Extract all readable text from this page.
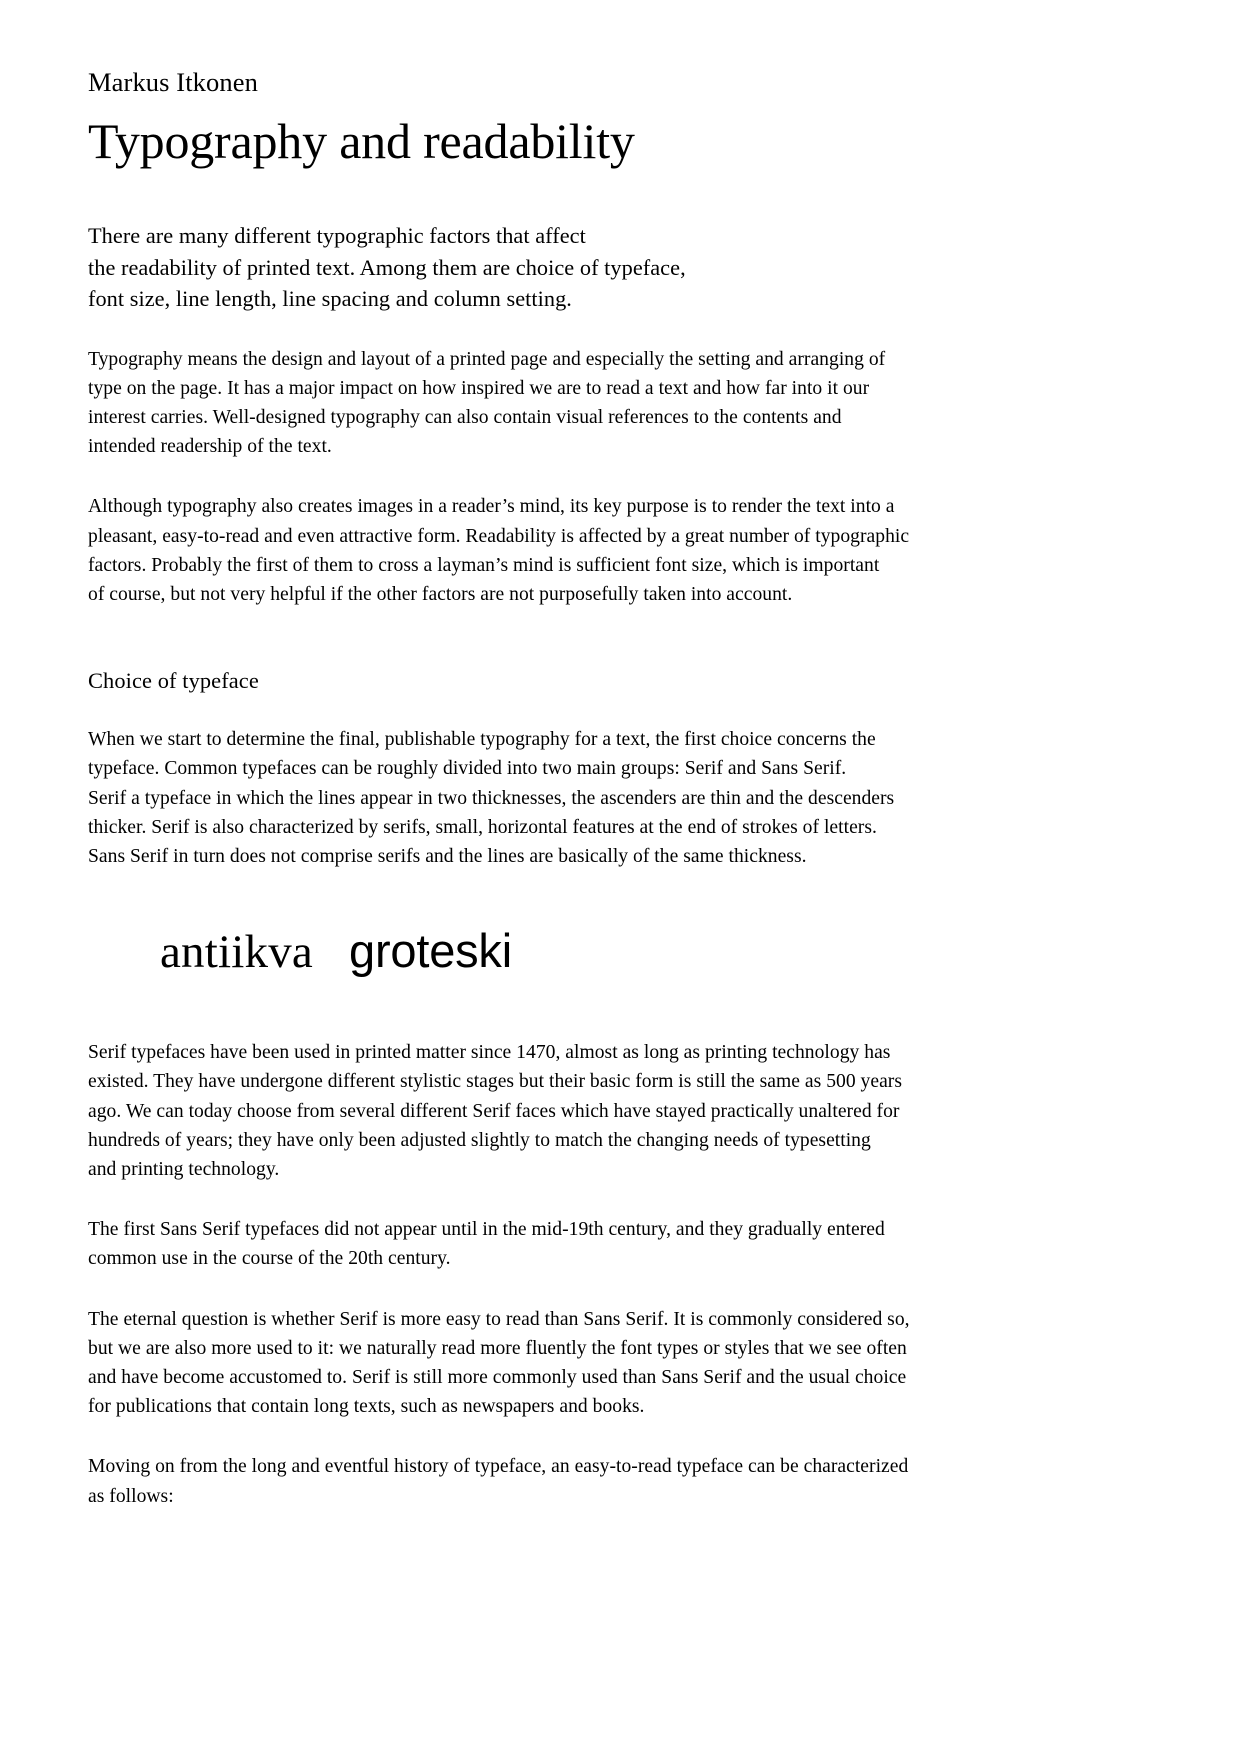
Markus Itkonen
Typography and readability

There are many different typographic factors that affect
the readability of printed text. Among them are choice of typeface,
font size, line length, line spacing and column setting.

Typography means the design and layout of a printed page and especially the setting and arranging of
type on the page. It has a major impact on how inspired we are to read a text and how far into it our
interest carries. Well-designed typography can also contain visual references to the contents and
intended readership of the text.

Although typography also creates images in a reader’s mind, its key purpose is to render the text into a
pleasant, easy-to-read and even attractive form. Readability is affected by a great number of typographic
factors. Probably the first of them to cross a layman’s mind is sufficient font size, which is important
of course, but not very helpful if the other factors are not purposefully taken into account.

Choice of typeface

When we start to determine the final, publishable typography for a text, the first choice concerns the
typeface. Common typefaces can be roughly divided into two main groups: Serif and Sans Serif.
Serif a typeface in which the lines appear in two thicknesses, the ascenders are thin and the descenders
thicker. Serif is also characterized by serifs, small, horizontal features at the end of strokes of letters.
Sans Serif in turn does not comprise serifs and the lines are basically of the same thickness.

antiikva groteski

Serif typefaces have been used in printed matter since 1470, almost as long as printing technology has
existed. They have undergone different stylistic stages but their basic form is still the same as 500 years
ago. We can today choose from several different Serif faces which have stayed practically unaltered for
hundreds of years; they have only been adjusted slightly to match the changing needs of typesetting
and printing technology.

The first Sans Serif typefaces did not appear until in the mid-19th century, and they gradually entered
common use in the course of the 20th century.

The eternal question is whether Serif is more easy to read than Sans Serif. It is commonly considered so,
but we are also more used to it: we naturally read more fluently the font types or styles that we see often
and have become accustomed to. Serif is still more commonly used than Sans Serif and the usual choice
for publications that contain long texts, such as newspapers and books.

Moving on from the long and eventful history of typeface, an easy-to-read typeface can be characterized
as follows:
